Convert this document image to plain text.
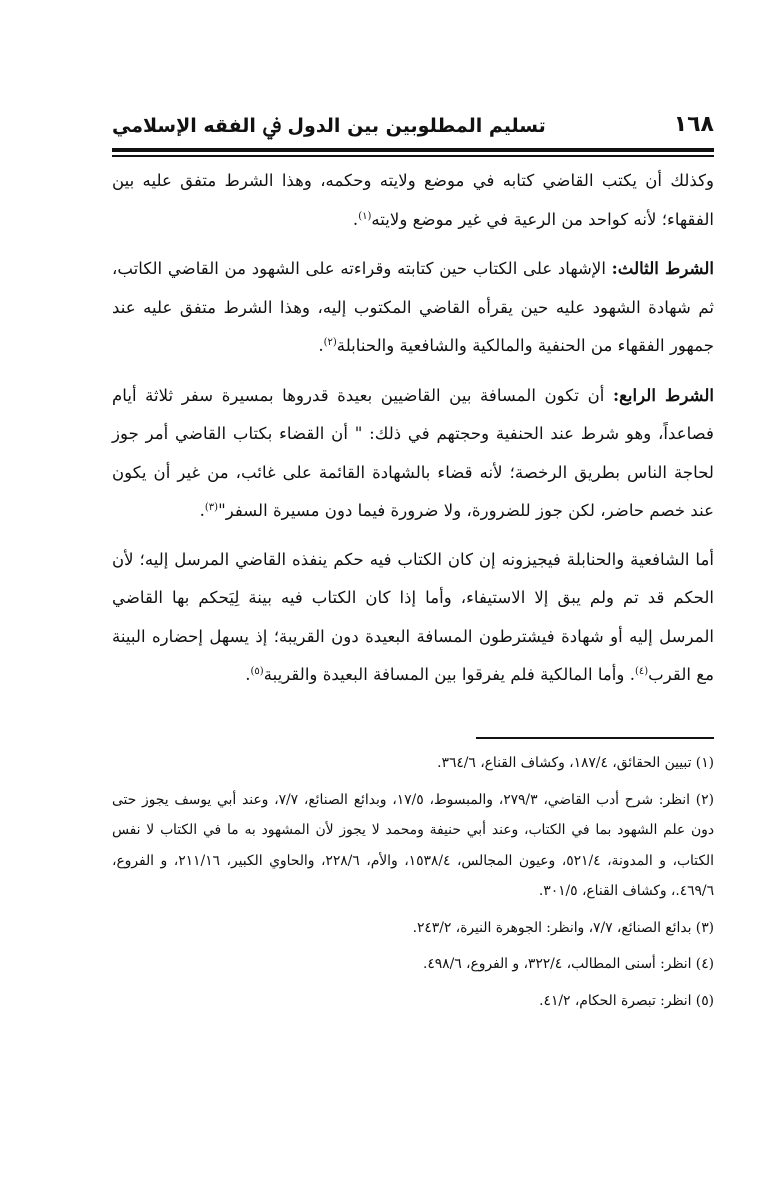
١٦٨
تسليم المطلوبين بين الدول ﰲ الفقه الإسلامي

وكذلك أن يكتب القاضي كتابه في موضع ولايته وحكمه، وهذا الشرط متفق عليه بين الفقهاء؛ لأنه كواحد من الرعية في غير موضع ولايته$^{(١)}$.

الشرط الثالث: الإشهاد على الكتاب حين كتابته وقراءته على الشهود من القاضي الكاتب، ثم شهادة الشهود عليه حين يقرأه القاضي المكتوب إليه، وهذا الشرط متفق عليه عند جمهور الفقهاء من الحنفية والمالكية والشافعية والحنابلة$^{(٢)}$.

الشرط الرابع: أن تكون المسافة بين القاضيين بعيدة قدروها بمسيرة سفر ثلاثة أيام فصاعداً، وهو شرط عند الحنفية وحجتهم في ذلك: " أن القضاء بكتاب القاضي أمر جوز لحاجة الناس بطريق الرخصة؛ لأنه قضاء بالشهادة القائمة على غائب، من غير أن يكون عند خصم حاضر، لكن جوز للضرورة، ولا ضرورة فيما دون مسيرة السفر"$^{(٣)}$.

أما الشافعية والحنابلة فيجيزونه إن كان الكتاب فيه حكم ينفذه القاضي المرسل إليه؛ لأن الحكم قد تم ولم يبق إلا الاستيفاء، وأما إذا كان الكتاب فيه بينة لِيَحكم بها القاضي المرسل إليه أو شهادة فيشترطون المسافة البعيدة دون القريبة؛ إذ يسهل إحضاره البينة مع القرب$^{(٤)}$. وأما المالكية فلم يفرقوا بين المسافة البعيدة والقريبة$^{(٥)}$.

(١) تبيين الحقائق، ١٨٧/٤، وكشاف القناع، ٣٦٤/٦.

(٢) انظر: شرح أدب القاضي، ٢٧٩/٣، والمبسوط، ١٧/٥، وبدائع الصنائع، ٧/٧، وعند أبي يوسف يجوز حتى دون علم الشهود بما في الكتاب، وعند أبي حنيفة ومحمد لا يجوز لأن المشهود به ما في الكتاب لا نفس الكتاب، و المدونة، ٥٢١/٤، وعيون المجالس، ١٥٣٨/٤، والأم، ٢٢٨/٦، والحاوي الكبير، ٢١١/١٦، و الفروع، ٤٦٩/٦.، وكشاف القناع، ٣٠١/٥.

(٣) بدائع الصنائع، ٧/٧، وانظر: الجوهرة النيرة، ٢٤٣/٢.

(٤) انظر: أسنى المطالب، ٣٢٢/٤، و الفروع، ٤٩٨/٦.

(٥) انظر: تبصرة الحكام، ٤١/٢.
